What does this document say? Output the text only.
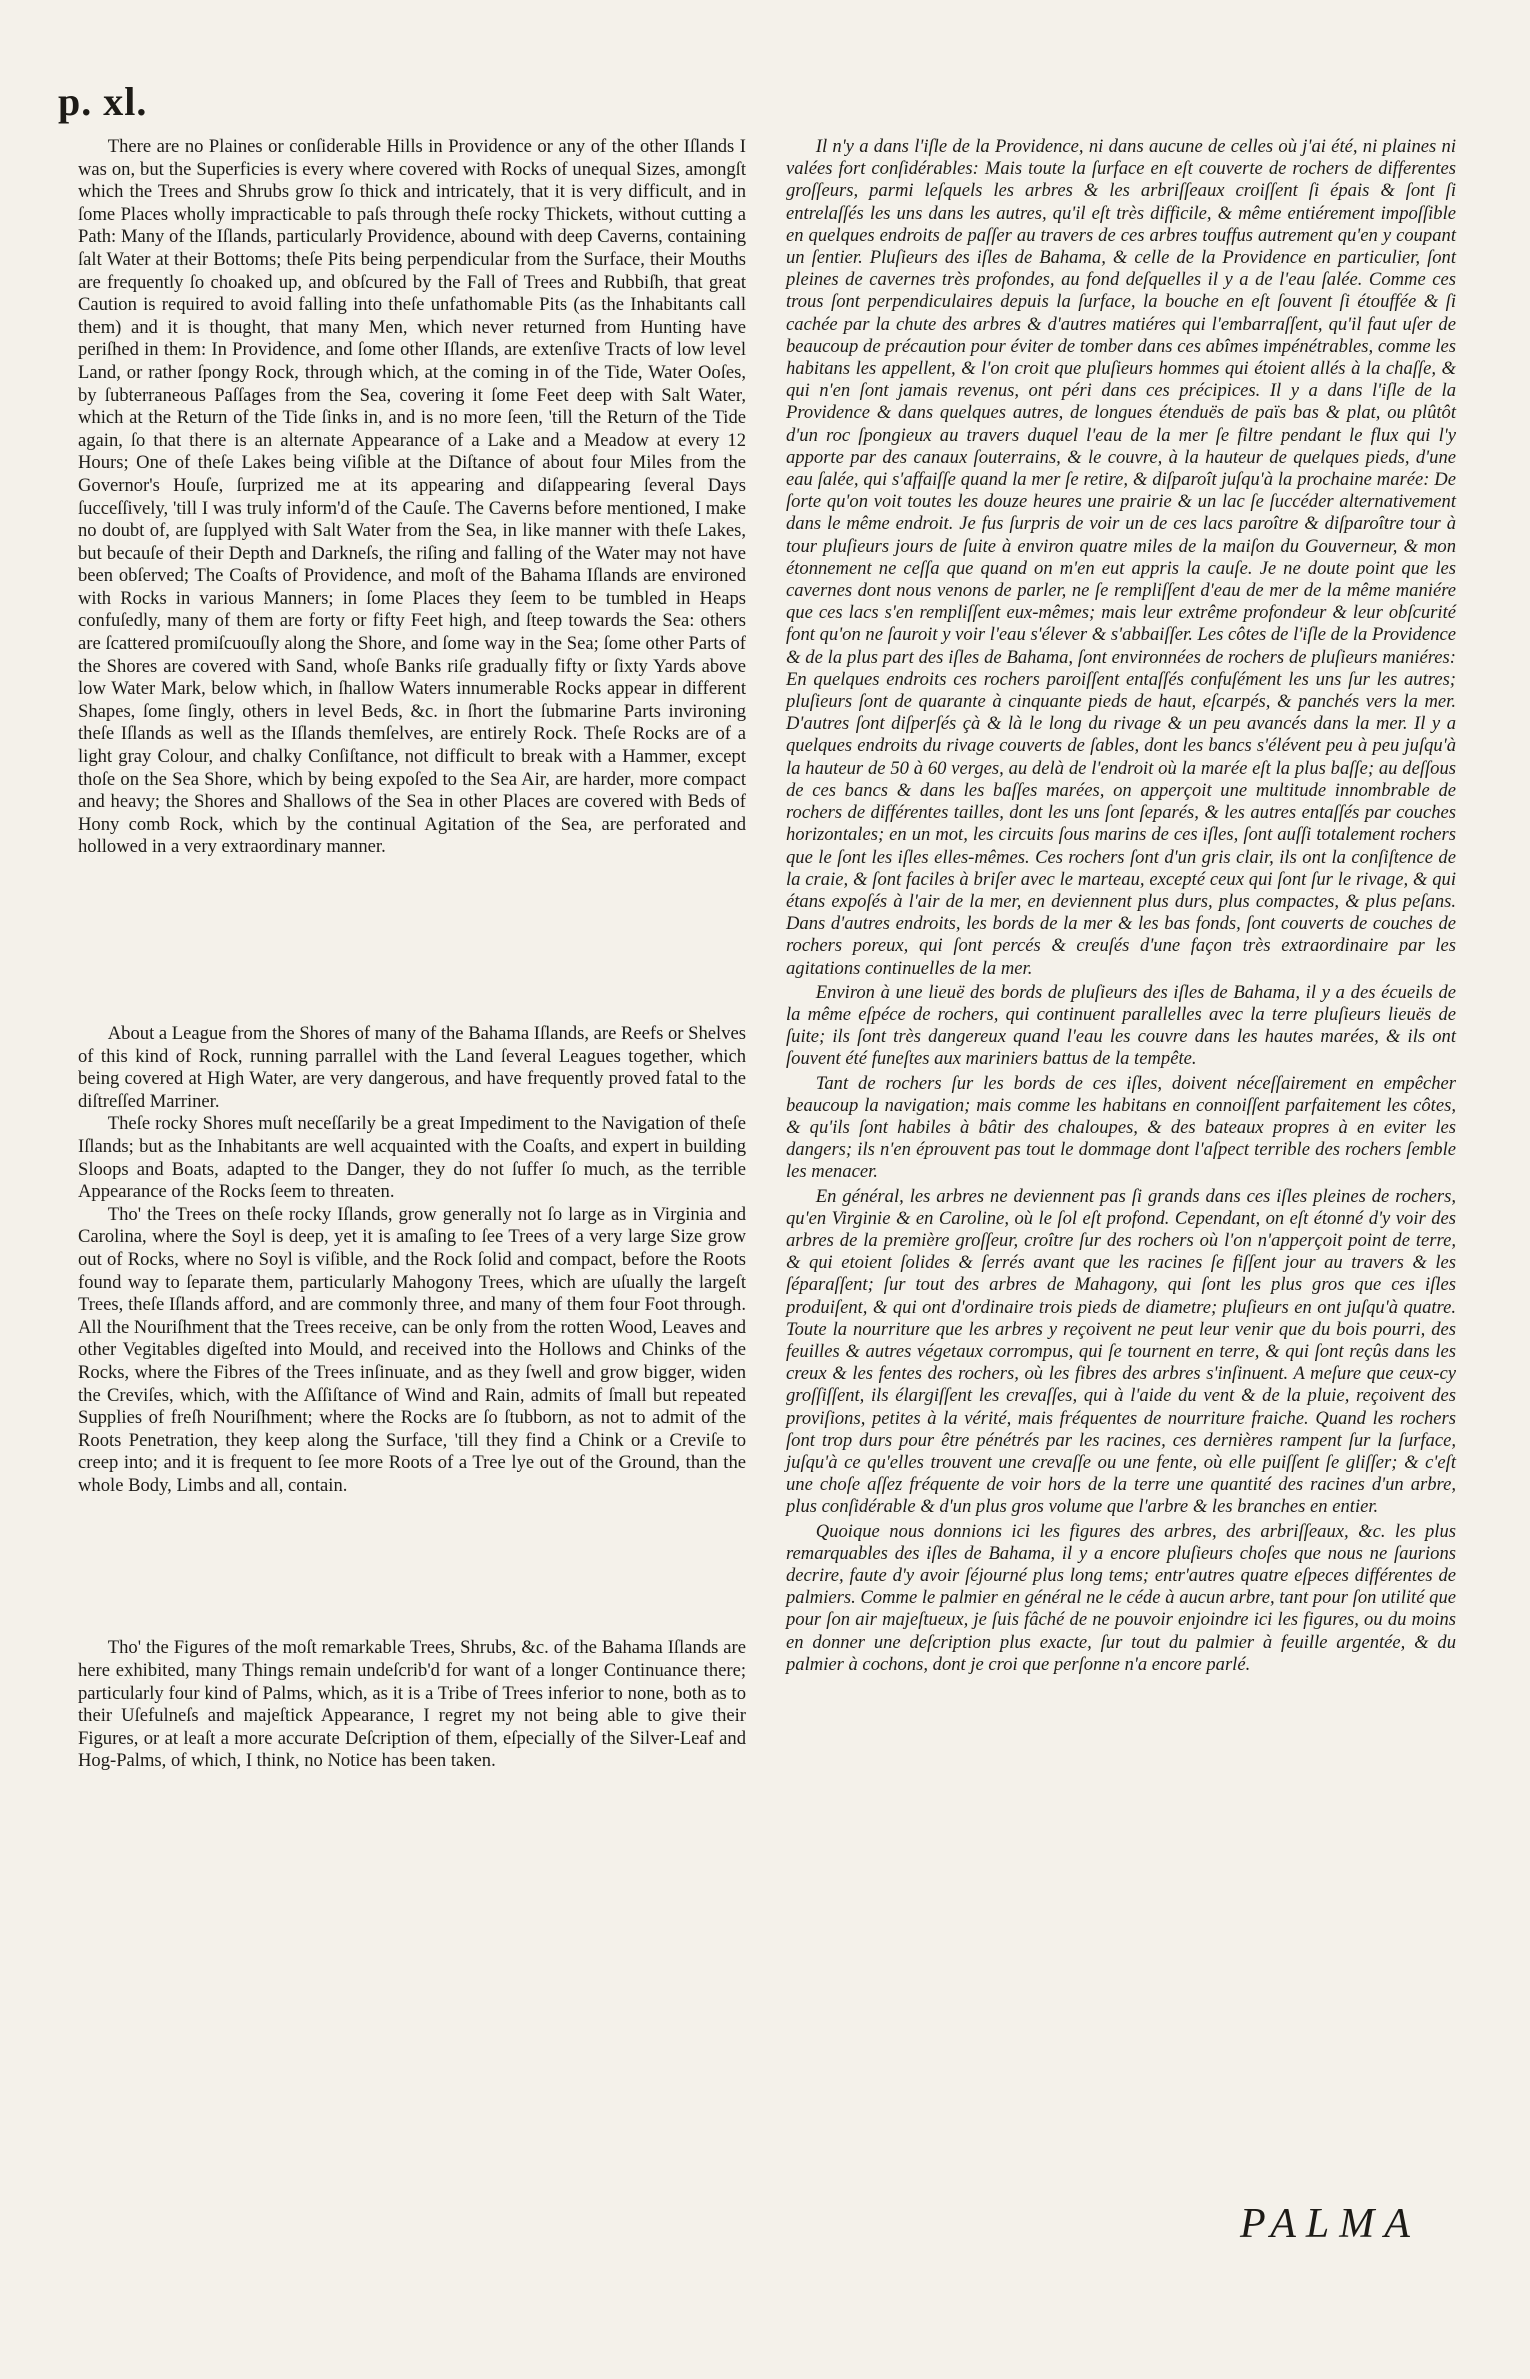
p. xl.

There are no Plaines or conſiderable Hills in Providence or any of the other Iſlands I was on, but the Superficies is every where covered with Rocks of unequal Sizes, amongſt which the Trees and Shrubs grow ſo thick and intricately, that it is very difficult, and in ſome Places wholly impracticable to paſs through theſe rocky Thickets, without cutting a Path: Many of the Iſlands, particularly Providence, abound with deep Caverns, containing ſalt Water at their Bottoms; theſe Pits being perpendicular from the Surface, their Mouths are frequently ſo choaked up, and obſcured by the Fall of Trees and Rubbiſh, that great Caution is required to avoid falling into theſe unfathomable Pits (as the Inhabitants call them) and it is thought, that many Men, which never returned from Hunting have periſhed in them: In Providence, and ſome other Iſlands, are extenſive Tracts of low level Land, or rather ſpongy Rock, through which, at the coming in of the Tide, Water Ooſes, by ſubterraneous Paſſages from the Sea, covering it ſome Feet deep with Salt Water, which at the Return of the Tide ſinks in, and is no more ſeen, 'till the Return of the Tide again, ſo that there is an alternate Appearance of a Lake and a Meadow at every 12 Hours; One of theſe Lakes being viſible at the Diſtance of about four Miles from the Governor's Houſe, ſurprized me at its appearing and diſappearing ſeveral Days ſucceſſively, 'till I was truly inform'd of the Cauſe. The Caverns before mentioned, I make no doubt of, are ſupplyed with Salt Water from the Sea, in like manner with theſe Lakes, but becauſe of their Depth and Darkneſs, the riſing and falling of the Water may not have been obſerved; The Coaſts of Providence, and moſt of the Bahama Iſlands are environed with Rocks in various Manners; in ſome Places they ſeem to be tumbled in Heaps confuſedly, many of them are forty or fifty Feet high, and ſteep towards the Sea: others are ſcattered promiſcuouſly along the Shore, and ſome way in the Sea; ſome other Parts of the Shores are covered with Sand, whoſe Banks riſe gradually fifty or ſixty Yards above low Water Mark, below which, in ſhallow Waters innumerable Rocks appear in different Shapes, ſome ſingly, others in level Beds, &c. in ſhort the ſubmarine Parts invironing theſe Iſlands as well as the Iſlands themſelves, are entirely Rock. Theſe Rocks are of a light gray Colour, and chalky Conſiſtance, not difficult to break with a Hammer, except thoſe on the Sea Shore, which by being expoſed to the Sea Air, are harder, more compact and heavy; the Shores and Shallows of the Sea in other Places are covered with Beds of Hony comb Rock, which by the continual Agitation of the Sea, are perforated and hollowed in a very extraordinary manner.

About a League from the Shores of many of the Bahama Iſlands, are Reefs or Shelves of this kind of Rock, running parrallel with the Land ſeveral Leagues together, which being covered at High Water, are very dangerous, and have frequently proved fatal to the diſtreſſed Marriner.

Theſe rocky Shores muſt neceſſarily be a great Impediment to the Navigation of theſe Iſlands; but as the Inhabitants are well acquainted with the Coaſts, and expert in building Sloops and Boats, adapted to the Danger, they do not ſuffer ſo much, as the terrible Appearance of the Rocks ſeem to threaten.

Tho' the Trees on theſe rocky Iſlands, grow generally not ſo large as in Virginia and Carolina, where the Soyl is deep, yet it is amaſing to ſee Trees of a very large Size grow out of Rocks, where no Soyl is viſible, and the Rock ſolid and compact, before the Roots found way to ſeparate them, particularly Mahogony Trees, which are uſually the largeſt Trees, theſe Iſlands afford, and are commonly three, and many of them four Foot through. All the Nouriſhment that the Trees receive, can be only from the rotten Wood, Leaves and other Vegitables digeſted into Mould, and received into the Hollows and Chinks of the Rocks, where the Fibres of the Trees inſinuate, and as they ſwell and grow bigger, widen the Creviſes, which, with the Aſſiſtance of Wind and Rain, admits of ſmall but repeated Supplies of freſh Nouriſhment; where the Rocks are ſo ſtubborn, as not to admit of the Roots Penetration, they keep along the Surface, 'till they find a Chink or a Creviſe to creep into; and it is frequent to ſee more Roots of a Tree lye out of the Ground, than the whole Body, Limbs and all, contain.

Tho' the Figures of the moſt remarkable Trees, Shrubs, &c. of the Bahama Iſlands are here exhibited, many Things remain undeſcrib'd for want of a longer Continuance there; particularly four kind of Palms, which, as it is a Tribe of Trees inferior to none, both as to their Uſefulneſs and majeſtick Appearance, I regret my not being able to give their Figures, or at leaſt a more accurate Deſcription of them, eſpecially of the Silver-Leaf and Hog-Palms, of which, I think, no Notice has been taken.

Il n'y a dans l'iſle de la Providence, ni dans aucune de celles où j'ai été, ni plaines ni valées fort conſidérables: Mais toute la ſurface en eſt couverte de rochers de differentes groſſeurs, parmi leſquels les arbres & les arbriſſeaux croiſſent ſi épais & ſont ſi entrelaſſés les uns dans les autres, qu'il eſt très difficile, & même entiérement impoſſible en quelques endroits de paſſer au travers de ces arbres touffus autrement qu'en y coupant un ſentier. Pluſieurs des iſles de Bahama, & celle de la Providence en particulier, ſont pleines de cavernes très profondes, au fond deſquelles il y a de l'eau ſalée. Comme ces trous ſont perpendiculaires depuis la ſurface, la bouche en eſt ſouvent ſi étouffée & ſi cachée par la chute des arbres & d'autres matiéres qui l'embarraſſent, qu'il faut uſer de beaucoup de précaution pour éviter de tomber dans ces abîmes impénétrables, comme les habitans les appellent, & l'on croit que pluſieurs hommes qui étoient allés à la chaſſe, & qui n'en ſont jamais revenus, ont péri dans ces précipices. Il y a dans l'iſle de la Providence & dans quelques autres, de longues étenduës de païs bas & plat, ou plûtôt d'un roc ſpongieux au travers duquel l'eau de la mer ſe filtre pendant le flux qui l'y apporte par des canaux ſouterrains, & le couvre, à la hauteur de quelques pieds, d'une eau ſalée, qui s'affaiſſe quand la mer ſe retire, & diſparoît juſqu'à la prochaine marée: De ſorte qu'on voit toutes les douze heures une prairie & un lac ſe ſuccéder alternativement dans le même endroit. Je fus ſurpris de voir un de ces lacs paroître & diſparoître tour à tour pluſieurs jours de ſuite à environ quatre miles de la maiſon du Gouverneur, & mon étonnement ne ceſſa que quand on m'en eut appris la cauſe. Je ne doute point que les cavernes dont nous venons de parler, ne ſe rempliſſent d'eau de mer de la même maniére que ces lacs s'en rempliſſent eux-mêmes; mais leur extrême profondeur & leur obſcurité font qu'on ne ſauroit y voir l'eau s'élever & s'abbaiſſer. Les côtes de l'iſle de la Providence & de la plus part des iſles de Bahama, ſont environnées de rochers de pluſieurs maniéres: En quelques endroits ces rochers paroiſſent entaſſés confuſément les uns ſur les autres; pluſieurs ſont de quarante à cinquante pieds de haut, eſcarpés, & panchés vers la mer. D'autres ſont diſperſés çà & là le long du rivage & un peu avancés dans la mer. Il y a quelques endroits du rivage couverts de ſables, dont les bancs s'élévent peu à peu juſqu'à la hauteur de 50 à 60 verges, au delà de l'endroit où la marée eſt la plus baſſe; au deſſous de ces bancs & dans les baſſes marées, on apperçoit une multitude innombrable de rochers de différentes tailles, dont les uns ſont ſeparés, & les autres entaſſés par couches horizontales; en un mot, les circuits ſous marins de ces iſles, ſont auſſi totalement rochers que le ſont les iſles elles-mêmes. Ces rochers ſont d'un gris clair, ils ont la conſiſtence de la craie, & ſont faciles à briſer avec le marteau, excepté ceux qui ſont ſur le rivage, & qui étans expoſés à l'air de la mer, en deviennent plus durs, plus compactes, & plus peſans. Dans d'autres endroits, les bords de la mer & les bas fonds, ſont couverts de couches de rochers poreux, qui ſont percés & creuſés d'une façon très extraordinaire par les agitations continuelles de la mer.

Environ à une lieuë des bords de pluſieurs des iſles de Bahama, il y a des écueils de la même eſpéce de rochers, qui continuent parallelles avec la terre pluſieurs lieuës de ſuite; ils ſont très dangereux quand l'eau les couvre dans les hautes marées, & ils ont ſouvent été funeſtes aux mariniers battus de la tempête.

Tant de rochers ſur les bords de ces iſles, doivent néceſſairement en empêcher beaucoup la navigation; mais comme les habitans en connoiſſent parfaitement les côtes, & qu'ils ſont habiles à bâtir des chaloupes, & des bateaux propres à en eviter les dangers; ils n'en éprouvent pas tout le dommage dont l'aſpect terrible des rochers ſemble les menacer.

En général, les arbres ne deviennent pas ſi grands dans ces iſles pleines de rochers, qu'en Virginie & en Caroline, où le ſol eſt profond. Cependant, on eſt étonné d'y voir des arbres de la première groſſeur, croître ſur des rochers où l'on n'apperçoit point de terre, & qui etoient ſolides & ſerrés avant que les racines ſe fiſſent jour au travers & les ſéparaſſent; ſur tout des arbres de Mahagony, qui ſont les plus gros que ces iſles produiſent, & qui ont d'ordinaire trois pieds de diametre; pluſieurs en ont juſqu'à quatre. Toute la nourriture que les arbres y reçoivent ne peut leur venir que du bois pourri, des feuilles & autres végetaux corrompus, qui ſe tournent en terre, & qui ſont reçûs dans les creux & les fentes des rochers, où les fibres des arbres s'inſinuent. A meſure que ceux-cy groſſiſſent, ils élargiſſent les crevaſſes, qui à l'aide du vent & de la pluie, reçoivent des proviſions, petites à la vérité, mais fréquentes de nourriture fraiche. Quand les rochers ſont trop durs pour être pénétrés par les racines, ces dernières rampent ſur la ſurface, juſqu'à ce qu'elles trouvent une crevaſſe ou une fente, où elle puiſſent ſe gliſſer; & c'eſt une choſe aſſez fréquente de voir hors de la terre une quantité des racines d'un arbre, plus conſidérable & d'un plus gros volume que l'arbre & les branches en entier.

Quoique nous donnions ici les figures des arbres, des arbriſſeaux, &c. les plus remarquables des iſles de Bahama, il y a encore pluſieurs choſes que nous ne ſaurions decrire, faute d'y avoir ſéjourné plus long tems; entr'autres quatre eſpeces différentes de palmiers. Comme le palmier en général ne le céde à aucun arbre, tant pour ſon utilité que pour ſon air majeſtueux, je ſuis fâché de ne pouvoir enjoindre ici les figures, ou du moins en donner une deſcription plus exacte, ſur tout du palmier à feuille argentée, & du palmier à cochons, dont je croi que perſonne n'a encore parlé.

PALMA
